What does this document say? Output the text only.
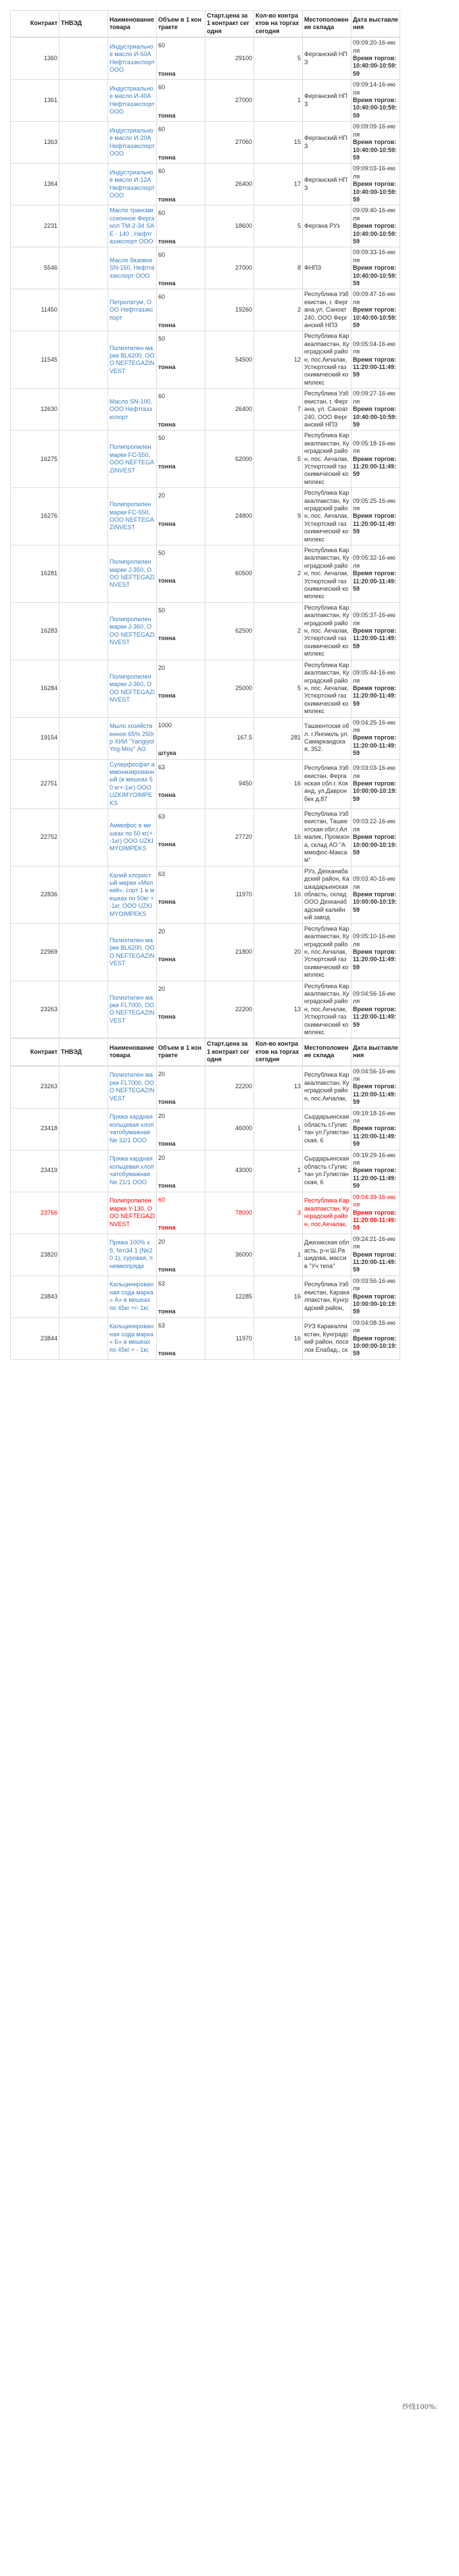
Контракт	ТНВЭД	Наименование товара	Объем в 1 контракте	Старт.цена за 1 контракт сегодня	Кол-во контрактов на торгах сегодня	Местоположение склада	Дата выставления
1360		Индустриальное масло И-50А Нефтгазэкспорт ООО	60
тонна	29100	5	Ферганский НПЗ	09:09:20-16-июля
Время торгов:
10:40:00-10:59:59

1361		Индустриальное масло И-40А Нефтгазэкспорт ООО	60
тонна	27000	1	Ферганский НПЗ	09:09:14-16-июля
Время торгов:
10:40:00-10:59:59

1363		Индустриальное масло И-20А Нефтгазэкспорт ООО	60
тонна	27060	15	Ферганский НПЗ	09:09:09-16-июля
Время торгов:
10:40:00-10:59:59

1364		Индустриальное масло И-12А Нефтгазэкспорт ООО	60
тонна	26400	17	Ферганский НПЗ	09:09:03-16-июля
Время торгов:
10:40:00-10:59:59

2231		Масло трансмиссионное Ферганол ТМ-2-34 SAE - 140 , Нефтгазэкспорт ООО	60
тонна	18600	5	Фергана РУз	09:09:40-16-июля
Время торгов:
10:40:00-10:59:59

5546		Масло базовое SN-150, Нефтгазэкспорт ООО	60
тонна	27000	8	ФНПЗ	09:09:33-16-июля
Время торгов:
10:40:00-10:59:59

11450		Петролатум, ООО Нефтгазэкспорт	60
тонна	19260	2	Республика Узбекистан, г. Фергана,ул. Саноат 240, ООО Ферганский НПЗ	09:09:47-16-июля
Время торгов:
10:40:00-10:59:59

11545		Полиэтилен марки BL6200, ООО NEFTEGAZINVEST	50
тонна	54500	12	Республика Каракалпакстан, Кунградский район, пос.Акчалак, Устюртский газохимический комплекс	09:05:04-16-июля
Время торгов:
11:20:00-11:49:59

12630		Масло SN-100, ООО Нефтгазэкспорт	60
тонна	26400	7	Республика Узбекистан, г. Фергана, ул. Саноат 240, ООО Ферганский НПЗ	09:09:27-16-июля
Время торгов:
10:40:00-10:59:59

16275		Полипропилен марки FC-550, ООО NEFTEGAZINVEST	50
тонна	62000	5	Республика Каракалпакстан, Кунградский район, пос. Акчалак, Устюртский газохимический комплекс	09:05:18-16-июля
Время торгов:
11:20:00-11:49:59

16276		Полипропилен марки FC-550, ООО NEFTEGAZINVEST	20
тонна	24800	9	Республика Каракалпакстан, Кунградский район, пос. Акчалак, Устюртский газохимический комплекс	09:05:25-16-июля
Время торгов:
11:20:00-11:49:59

16281		Полипропилен марки J-350, ООО NEFTEGAZINVEST	50
тонна	60500	2	Республика Каракалпакстан, Кунградский район, пос. Акчалак, Устюртский газохимический комплекс	09:05:32-16-июля
Время торгов:
11:20:00-11:49:59

16283		Полипропилен марки J-360, ООО NEFTEGAZINVEST	50
тонна	62500	2	Республика Каракалпакстан, Кунградский район, пос. Акчалак, Устюртский газохимический комплекс	09:05:37-16-июля
Время торгов:
11:20:00-11:49:59

16284		Полипропилен марки J-360, ООО NEFTEGAZINVEST	20
тонна	25000	5	Республика Каракалпакстан, Кунградский район, пос. Акчалак, Устюртский газохимический комплекс	09:05:44-16-июля
Время торгов:
11:20:00-11:49:59

19154		Мыло хозяйственное 65% 250гр ХИИ "Yangiyol Yog-Moy" АО	1000
штука	167.5	281	Ташкентская обл. г.Янгиюль ул. Самаркандская, 352.	09:04:25-16-июля
Время торгов:
11:20:00-11:49:59

22751		Суперфосфат аммонизированный (в мешках 50 кг+-1кг) ООО UZKIMYOIMPEKS	63
тонна	9450	16	Республика Узбекистан, Ферганская обл.г. Коканд, ул.Давронбек д,87	09:03:03-16-июля
Время торгов:
10:00:00-10:19:59

22752		Аммофос в мешках по 50 кг(+ -1кг) ООО UZKIMYOIMPEKS	63
тонна	27720	16	Республика Узбекистан, Ташкентская обл.г.Алмалик, Промзона, склад АО "Аммофос-Максам"	09:03:22-16-июля
Время торгов:
10:00:00-10:19:59

22836		Калий хлористый марки «Мелкий», сорт 1 в мешках по 50кг + -1кг, ООО UZKIMYOIMPEKS	63
тонна	11970	16	РУз, Дехканабадский район, Кашкадарьинская область, склад ООО Дехканабадский калийный завод	09:03:40-16-июля
Время торгов:
10:00:00-10:19:59

22969		Полиэтилен марки BL6200, ООО NEFTEGAZINVEST	20
тонна	21800	20	Республика Каракалпакстан, Кунградский район, пос.Акчалак, Устюртский газохимический комплекс	09:05:10-16-июля
Время торгов:
11:20:00-11:49:59

23263		Полиэтилен марки FL7000, ООО NEFTEGAZINVEST	20
тонна	22200	13	Республика Каракалпакстан, Кунградский район, пос.Акчалак, Устюртский газохимический комплекс	09:04:56-16-июля
Время торгов:
11:20:00-11:49:59
Контракт	ТНВЭД	Наименование товара	Объем в 1 контракте	Старт.цена за 1 контракт сегодня	Кол-во контрактов на торгах сегодня	Местоположение склада	Дата выставления
23263		Полиэтилен марки FL7000, ООО NEFTEGAZINVEST	20
тонна	22200	13	Республика Каракалпакстан, Кунградский район, пос.Акчалак,	09:04:56-16-июля
Время торгов:
11:20:00-11:49:59

23418		Пряжа кардная кольцевая хлопчатобумажная Ne 32/1 ООО	20
тонна	46000	1	Сырдарьинская область г.Гулистан ул.Гулистанская, 6	09:19:18-16-июля
Время торгов:
11:20:00-11:49:59

23419		Пряжа кардная кольцевая хлопчатобумажная Ne 21/1 ООО	20
тонна	43000	1	Сырдарьинская область г.Гулистан ул.Гулистанская, 6	09:19:29-16-июля
Время торгов:
11:20:00-11:49:59

23766		Полипропилен марки Y-130, ООО NEFTEGAZINVEST	60
тонна	78000	3	Республика Каракалпакстан, Кунградский район, пос.Акчалак,	09:04:39-16-июля
Время торгов:
11:20:00-11:49:59

23820		Пряжа 100% х б, Nm34 1 (Ne20 1), суровая, пневмопряди	20
тонна	36000	1	Джизакская область, р-н Ш.Рашидова, массив "Уч тепа"	09:24:21-16-июля
Время торгов:
11:20:00-11:49:59

23843		Кальцинированная сода марка « А» в мешках по 45кг +/- 1кг,	63
тонна	12285	16	Республика Узбекистан, Каракалпакстан, Кунградский район,	09:03:56-16-июля
Время торгов:
10:00:00-10:19:59

23844		Кальцинированная сода марка « Б» в мешках по 45кг + - 1кг,	63
тонна	11970	16	РУЗ Каракалпакстан, Кунградский район, поселок Елабад., ск	09:04:08-16-июля
Время торгов:
10:00:00-10:19:59
纱线100%:
